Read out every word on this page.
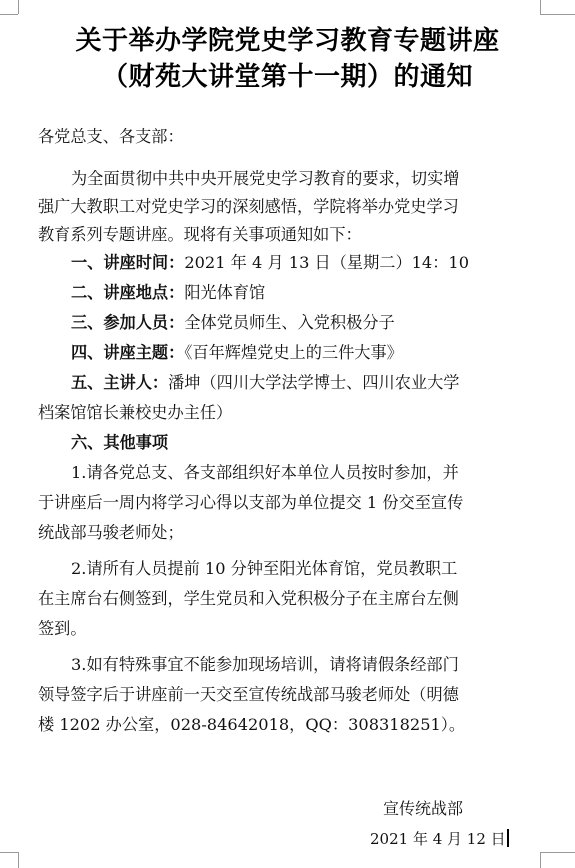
关于举办学院党史学习教育专题讲座
（财苑大讲堂第十一期）的通知
各党总支、各支部：
为全面贯彻中共中央开展党史学习教育的要求，切实增
强广大教职工对党史学习的深刻感悟，学院将举办党史学习
教育系列专题讲座。现将有关事项通知如下：
一、讲座时间：2021 年 4 月 13 日（星期二）14：10
二、讲座地点：阳光体育馆
三、参加人员：全体党员师生、入党积极分子
四、讲座主题：《百年辉煌党史上的三件大事》
五、主讲人：潘坤（四川大学法学博士、四川农业大学
档案馆馆长兼校史办主任）
六、其他事项
1.请各党总支、各支部组织好本单位人员按时参加，并
于讲座后一周内将学习心得以支部为单位提交 1 份交至宣传
统战部马骏老师处；
2.请所有人员提前 10 分钟至阳光体育馆，党员教职工
在主席台右侧签到，学生党员和入党积极分子在主席台左侧
签到。
3.如有特殊事宜不能参加现场培训，请将请假条经部门
领导签字后于讲座前一天交至宣传统战部马骏老师处（明德
楼 1202 办公室，028-84642018，QQ：308318251）。
宣传统战部
2021 年 4 月 12 日
